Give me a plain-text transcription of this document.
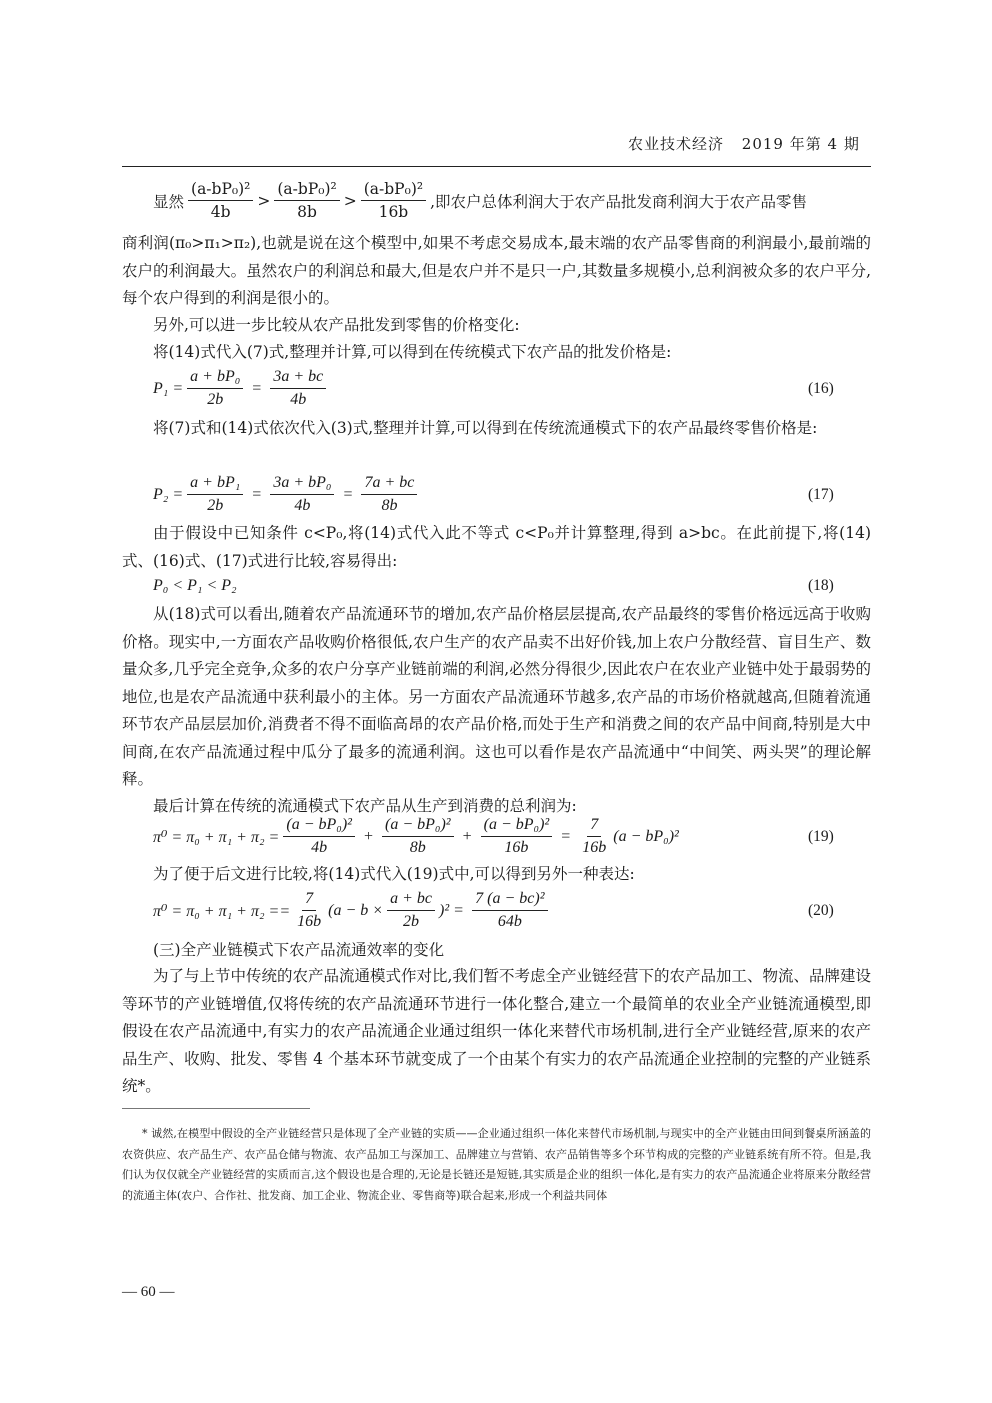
农业技术经济 2019 年第 4 期
显然 $\frac{\text{(a-bP₀)²}}{4b} > \frac{\text{(a-bP₀)²}}{8b} > \frac{\text{(a-bP₀)²}}{16b}$ ,即农户总体利润大于农产品批发商利润大于农产品零售

商利润(π₀>π₁>π₂),也就是说在这个模型中,如果不考虑交易成本,最末端的农产品零售商的利润最小,最前端的农户的利润最大。虽然农户的利润总和最大,但是农户并不是只一户,其数量多规模小,总利润被众多的农户平分,每个农户得到的利润是很小的。

另外,可以进一步比较从农产品批发到零售的价格变化:

将(14)式代入(7)式,整理并计算,可以得到在传统模式下农产品的批发价格是:

$P_1 = \frac{\text{a + bP₀}}{2b} = \frac{3a + bc}{4b}$	(16)

将(7)式和(14)式依次代入(3)式,整理并计算,可以得到在传统流通模式下的农产品最终零售价格是:

$P_2 = \frac{\text{a + bP₁}}{2b} = \frac{\text{3a + bP₀}}{4b} = \frac{7a + bc}{8b}$	(17)

由于假设中已知条件 c<P₀,将(14)式代入此不等式 c<P₀并计算整理,得到 a>bc。在此前提下,将(14)式、(16)式、(17)式进行比较,容易得出:

P₀ < P₁ < P₂	(18)

从(18)式可以看出,随着农产品流通环节的增加,农产品价格层层提高,农产品最终的零售价格远远高于收购价格。现实中,一方面农产品收购价格很低,农户生产的农产品卖不出好价钱,加上农户分散经营、盲目生产、数量众多,几乎完全竞争,众多的农户分享产业链前端的利润,必然分得很少,因此农户在农业产业链中处于最弱势的地位,也是农产品流通中获利最小的主体。另一方面农产品流通环节越多,农产品的市场价格就越高,但随着流通环节农产品层层加价,消费者不得不面临高昂的农产品价格,而处于生产和消费之间的农产品中间商,特别是大中间商,在农产品流通过程中瓜分了最多的流通利润。这也可以看作是农产品流通中“中间笑、两头哭”的理论解释。

最后计算在传统的流通模式下农产品从生产到消费的总利润为:

$\pi^0 = \pi_0 + \pi_1 + \pi_2 = \frac{\text{(a − bP₀)²}}{4b} + \frac{\text{(a − bP₀)²}}{8b} + \frac{\text{(a − bP₀)²}}{16b} = \frac{7}{16b} (a - bP_0)^2$	(19)

为了便于后文进行比较,将(14)式代入(19)式中,可以得到另外一种表达:

$\pi^0 = \pi_0 + \pi_1 + \pi_2 == \frac{7}{16b} (a - b \times \frac{a + bc}{2b} )^2 = \frac{\text{7 (a − bc)²}}{64b}$	(20)
(三)全产业链模式下农产品流通效率的变化

为了与上节中传统的农产品流通模式作对比,我们暂不考虑全产业链经营下的农产品加工、物流、品牌建设等环节的产业链增值,仅将传统的农产品流通环节进行一体化整合,建立一个最简单的农业全产业链流通模型,即假设在农产品流通中,有实力的农产品流通企业通过组织一体化来替代市场机制,进行全产业链经营,原来的农产品生产、收购、批发、零售 4 个基本环节就变成了一个由某个有实力的农产品流通企业控制的完整的产业链系统*。

* 诚然,在模型中假设的全产业链经营只是体现了全产业链的实质——企业通过组织一体化来替代市场机制,与现实中的全产业链由田间到餐桌所涵盖的农资供应、农产品生产、农产品仓储与物流、农产品加工与深加工、品牌建立与营销、农产品销售等多个环节构成的完整的产业链系统有所不符。但是,我们认为仅仅就全产业链经营的实质而言,这个假设也是合理的,无论是长链还是短链,其实质是企业的组织一体化,是有实力的农产品流通企业将原来分散经营的流通主体(农户、合作社、批发商、加工企业、物流企业、零售商等)联合起来,形成一个利益共同体

— 60 —
